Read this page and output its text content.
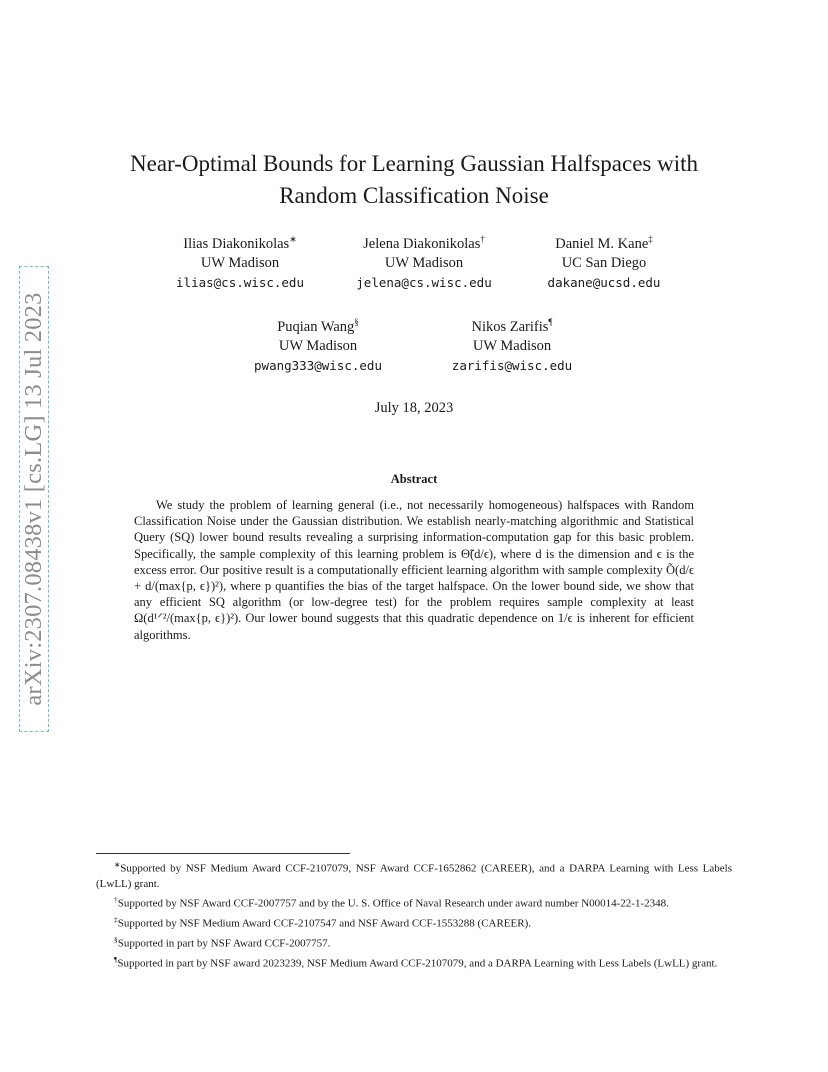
arXiv:2307.08438v1 [cs.LG] 13 Jul 2023
Near-Optimal Bounds for Learning Gaussian Halfspaces with Random Classification Noise
Ilias Diakonikolas∗
UW Madison
ilias@cs.wisc.edu
Jelena Diakonikolas†
UW Madison
jelena@cs.wisc.edu
Daniel M. Kane‡
UC San Diego
dakane@ucsd.edu
Puqian Wang§
UW Madison
pwang333@wisc.edu
Nikos Zarifis¶
UW Madison
zarifis@wisc.edu
July 18, 2023
Abstract

We study the problem of learning general (i.e., not necessarily homogeneous) halfspaces with Random Classification Noise under the Gaussian distribution. We establish nearly-matching algorithmic and Statistical Query (SQ) lower bound results revealing a surprising information-computation gap for this basic problem. Specifically, the sample complexity of this learning problem is Θ̃(d/ϵ), where d is the dimension and ϵ is the excess error. Our positive result is a computationally efficient learning algorithm with sample complexity Õ(d/ϵ + d/(max{p, ϵ})²), where p quantifies the bias of the target halfspace. On the lower bound side, we show that any efficient SQ algorithm (or low-degree test) for the problem requires sample complexity at least Ω(d¹ᐟ²/(max{p, ϵ})²). Our lower bound suggests that this quadratic dependence on 1/ϵ is inherent for efficient algorithms.

∗Supported by NSF Medium Award CCF-2107079, NSF Award CCF-1652862 (CAREER), and a DARPA Learning with Less Labels (LwLL) grant.

†Supported by NSF Award CCF-2007757 and by the U. S. Office of Naval Research under award number N00014-22-1-2348.

‡Supported by NSF Medium Award CCF-2107547 and NSF Award CCF-1553288 (CAREER).

§Supported in part by NSF Award CCF-2007757.

¶Supported in part by NSF award 2023239, NSF Medium Award CCF-2107079, and a DARPA Learning with Less Labels (LwLL) grant.
